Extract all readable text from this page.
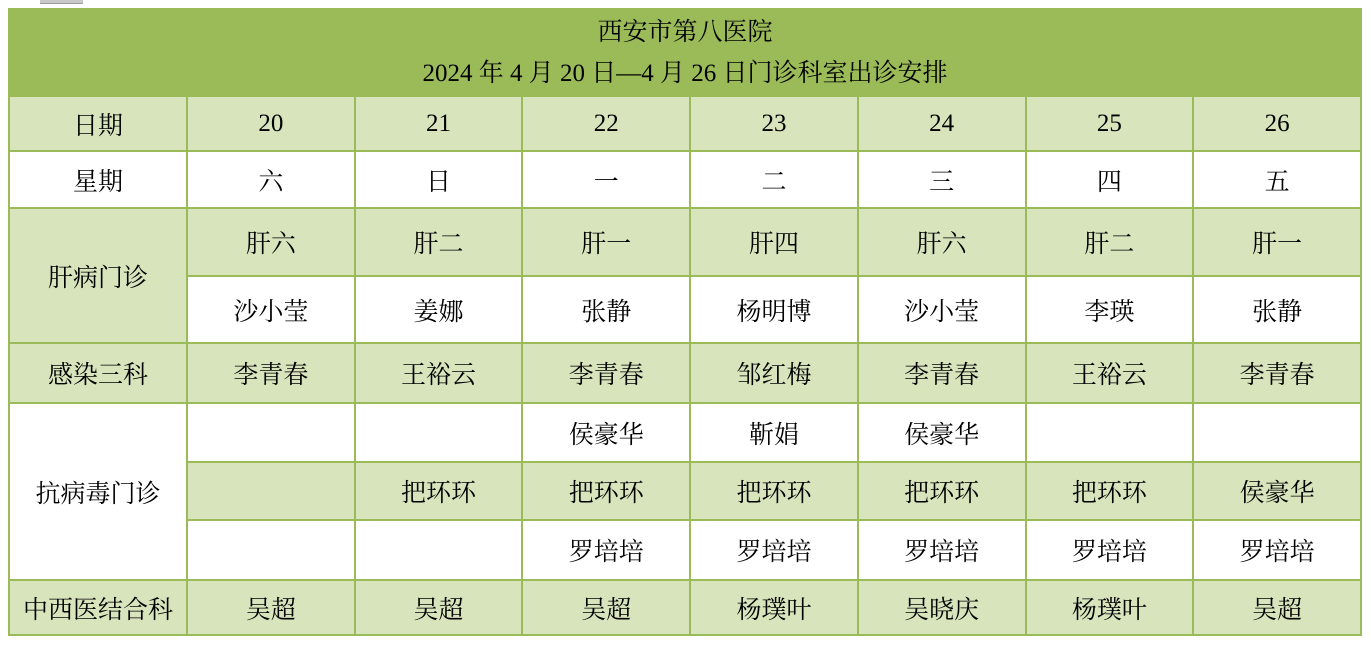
西安市第八医院
2024 年 4 月 20 日—4 月 26 日门诊科室出诊安排							

日期	20	21	22	23	24	25	26
星期	六	日	一	二	三	四	五
肝病门诊	肝六	肝二	肝一	肝四	肝六	肝二	肝一
	沙小莹	姜娜	张静	杨明博	沙小莹	李瑛	张静
感染三科	李青春	王裕云	李青春	邹红梅	李青春	王裕云	李青春
抗病毒门诊			侯豪华	靳娟	侯豪华		
		把环环	把环环	把环环	把环环	把环环	侯豪华
			罗培培	罗培培	罗培培	罗培培	罗培培
中西医结合科	吴超	吴超	吴超	杨璞叶	吴晓庆	杨璞叶	吴超
